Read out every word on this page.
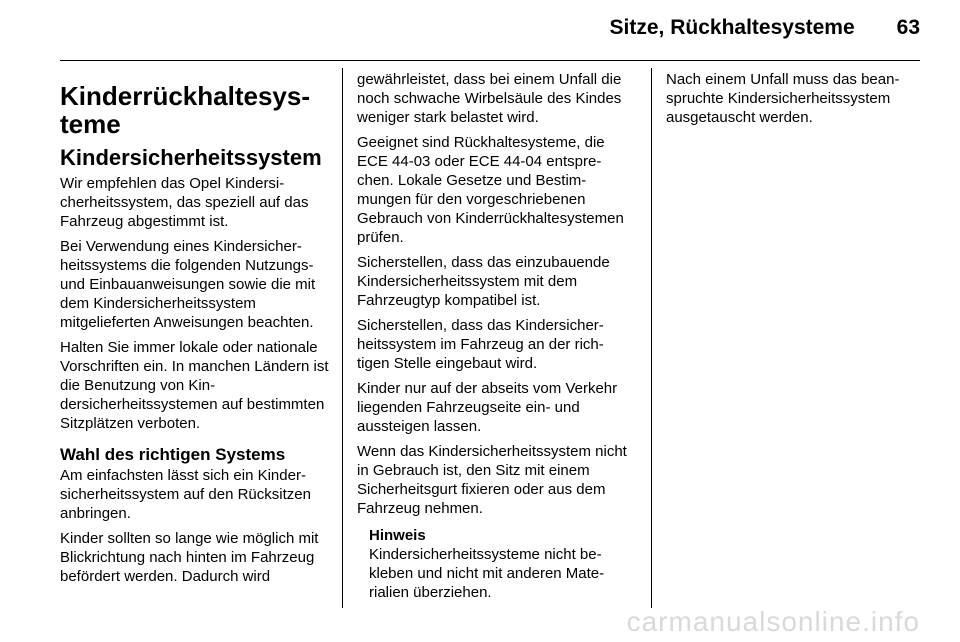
Sitze, Rückhaltesysteme 63
Kinderrückhaltesysteme
Kindersicherheitssystem

Wir empfehlen das Opel Kindersicherheitssystem, das speziell auf das Fahrzeug abgestimmt ist.

Bei Verwendung eines Kindersicherheitssystems die folgenden Nutzungs- und Einbauanweisungen sowie die mit dem Kindersicherheitssystem mitgelieferten Anweisungen beachten.

Halten Sie immer lokale oder nationale Vorschriften ein. In manchen Ländern ist die Benutzung von Kindersicherheitssystemen auf bestimmten Sitzplätzen verboten.

Wahl des richtigen Systems

Am einfachsten lässt sich ein Kindersicherheitssystem auf den Rücksitzen anbringen.

Kinder sollten so lange wie möglich mit Blickrichtung nach hinten im Fahrzeug befördert werden. Dadurch wird

gewährleistet, dass bei einem Unfall die noch schwache Wirbelsäule des Kindes weniger stark belastet wird.

Geeignet sind Rückhaltesysteme, die ECE 44-03 oder ECE 44-04 entsprechen. Lokale Gesetze und Bestimmungen für den vorgeschriebenen Gebrauch von Kinderrückhaltesystemen prüfen.

Sicherstellen, dass das einzubauende Kindersicherheitssystem mit dem Fahrzeugtyp kompatibel ist.

Sicherstellen, dass das Kindersicherheitssystem im Fahrzeug an der richtigen Stelle eingebaut wird.

Kinder nur auf der abseits vom Verkehr liegenden Fahrzeugseite ein- und aussteigen lassen.

Wenn das Kindersicherheitssystem nicht in Gebrauch ist, den Sitz mit einem Sicherheitsgurt fixieren oder aus dem Fahrzeug nehmen.

Hinweis
Kindersicherheitssysteme nicht bekleben und nicht mit anderen Materialien überziehen.

Nach einem Unfall muss das beanspruchte Kindersicherheitssystem ausgetauscht werden.

carmanualsonline.info
